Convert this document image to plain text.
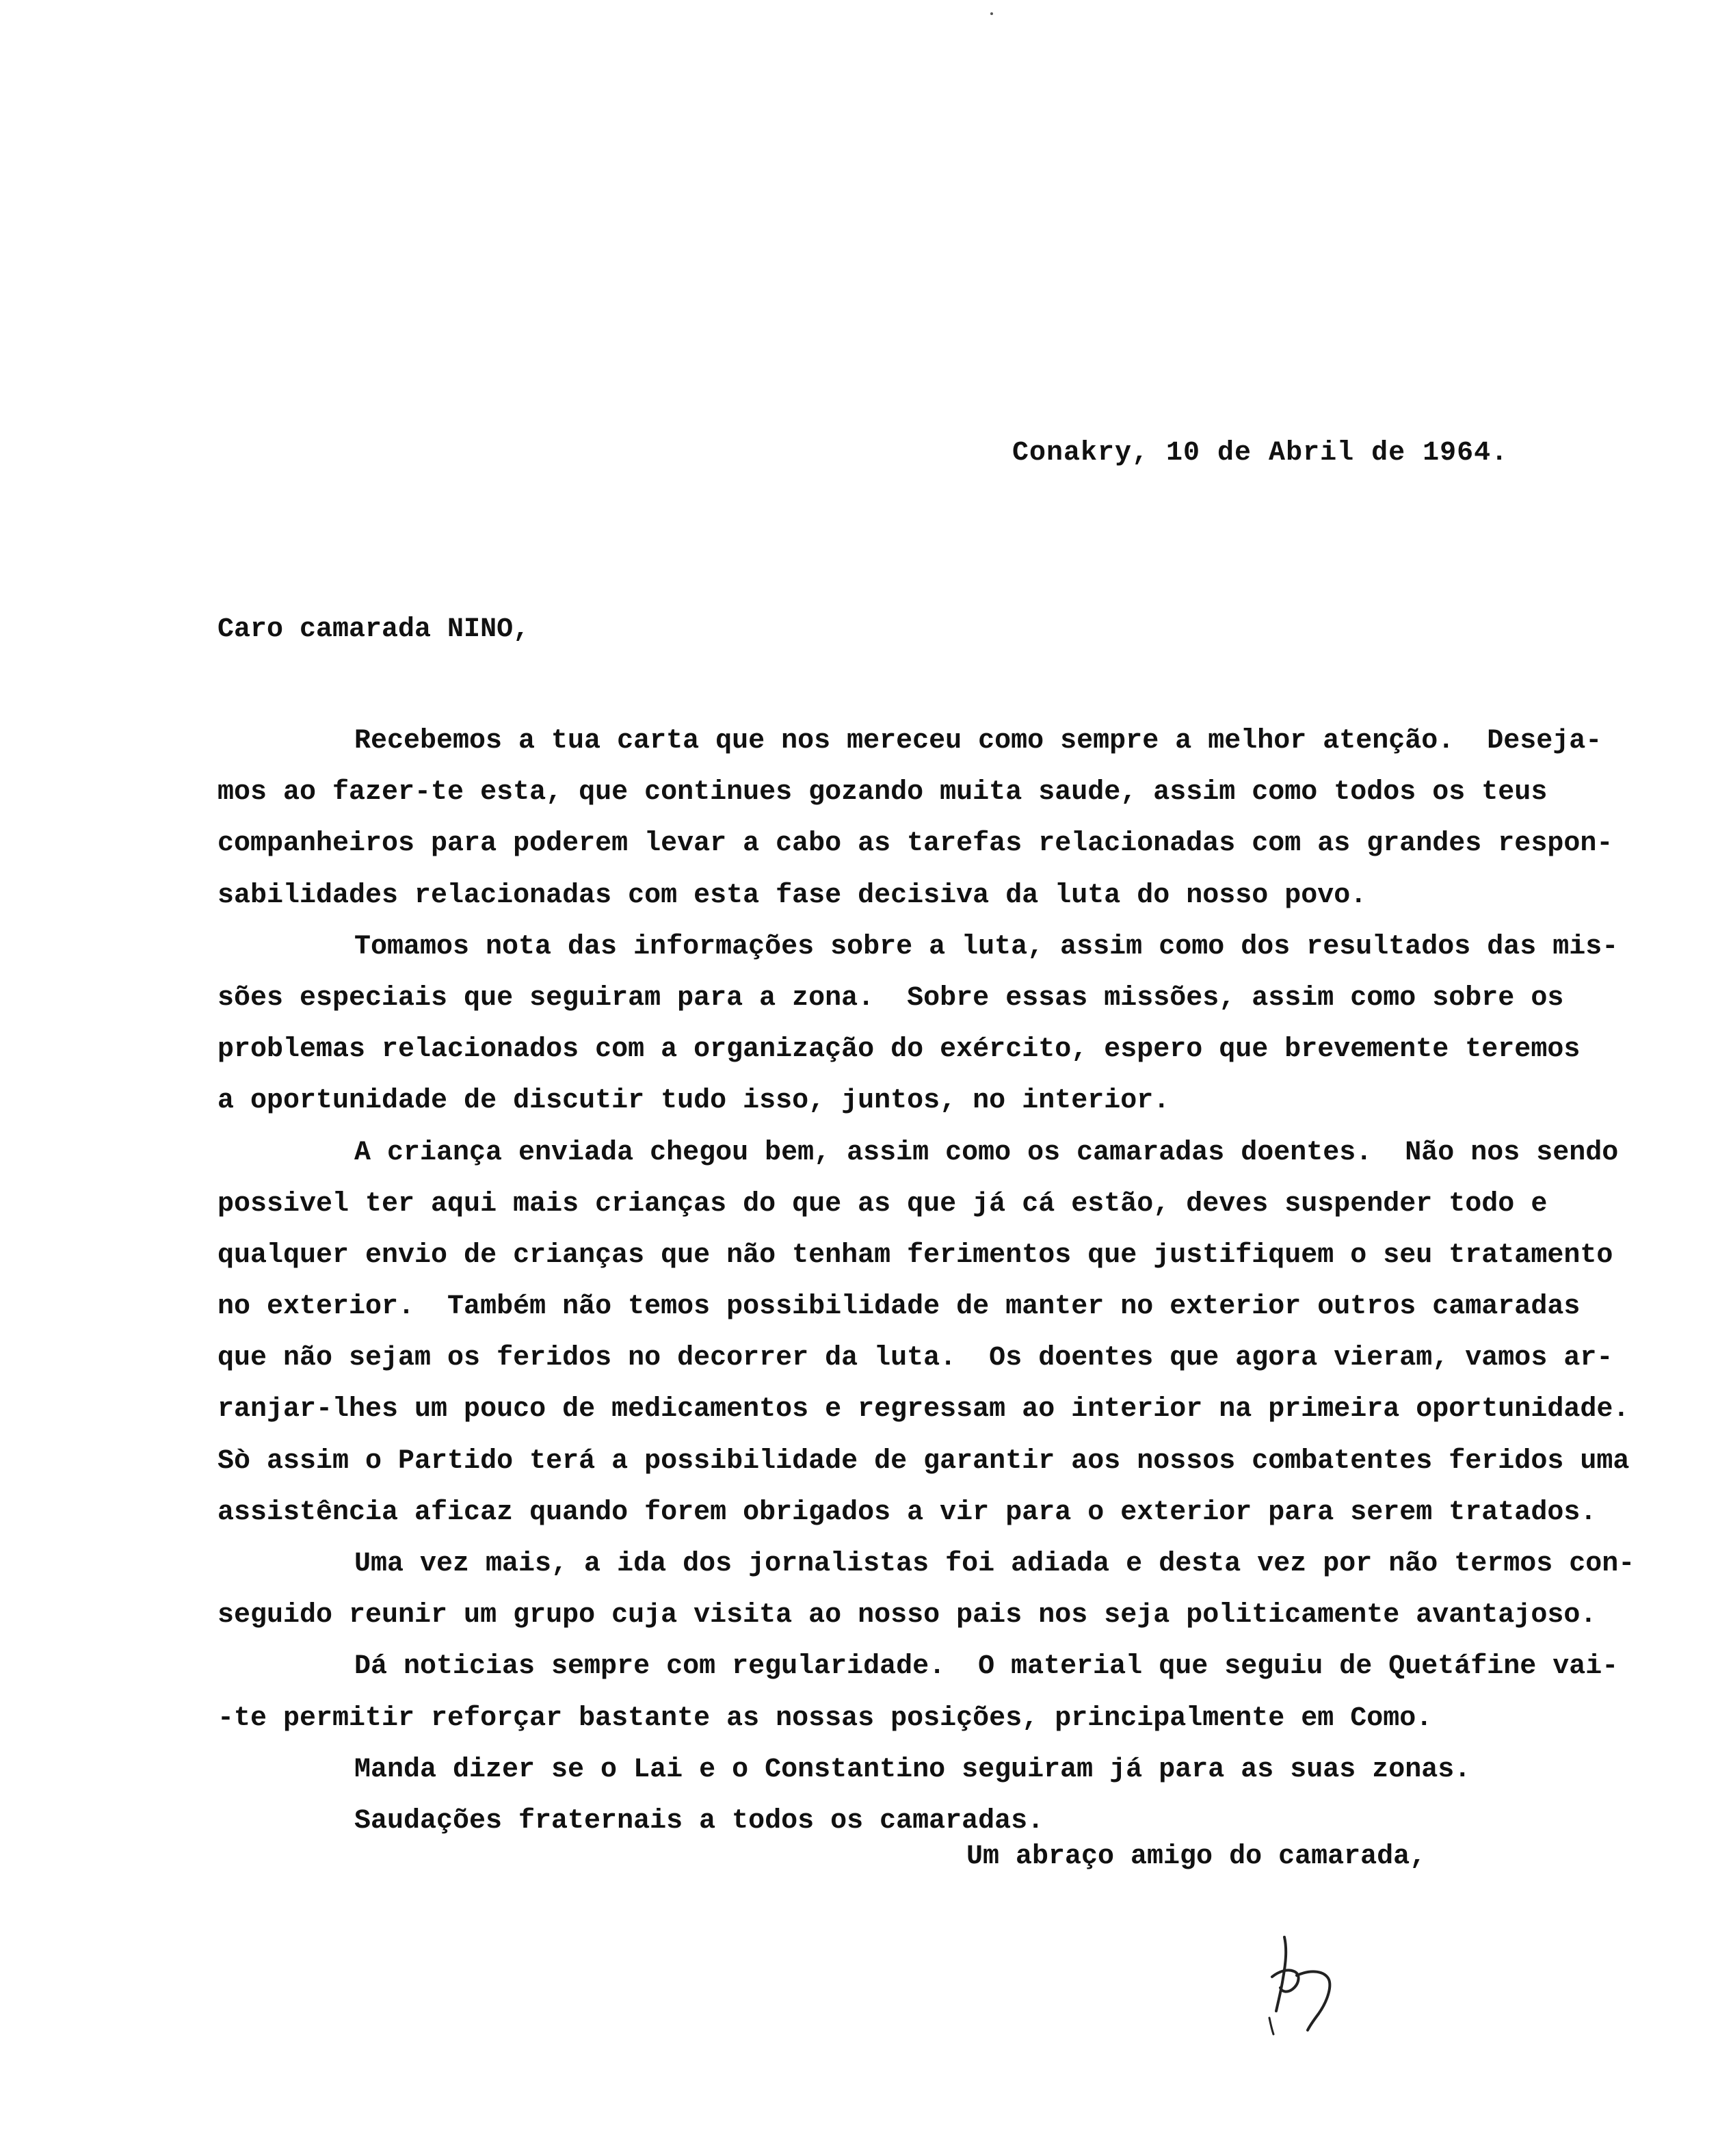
Conakry, 10 de Abril de 1964.
Caro camarada NINO,
Recebemos a tua carta que nos mereceu como sempre a melhor atenção.  Deseja-
mos ao fazer-te esta, que continues gozando muita saude, assim como todos os teus
companheiros para poderem levar a cabo as tarefas relacionadas com as grandes respon-
sabilidades relacionadas com esta fase decisiva da luta do nosso povo.
Tomamos nota das informações sobre a luta, assim como dos resultados das mis-
sões especiais que seguiram para a zona.  Sobre essas missões, assim como sobre os
problemas relacionados com a organização do exército, espero que brevemente teremos
a oportunidade de discutir tudo isso, juntos, no interior.
A criança enviada chegou bem, assim como os camaradas doentes.  Não nos sendo
possivel ter aqui mais crianças do que as que já cá estão, deves suspender todo e
qualquer envio de crianças que não tenham ferimentos que justifiquem o seu tratamento
no exterior.  Também não temos possibilidade de manter no exterior outros camaradas
que não sejam os feridos no decorrer da luta.  Os doentes que agora vieram, vamos ar-
ranjar-lhes um pouco de medicamentos e regressam ao interior na primeira oportunidade.
Sò assim o Partido terá a possibilidade de garantir aos nossos combatentes feridos uma
assistência aficaz quando forem obrigados a vir para o exterior para serem tratados.
Uma vez mais, a ida dos jornalistas foi adiada e desta vez por não termos con-
seguido reunir um grupo cuja visita ao nosso pais nos seja politicamente avantajoso.
Dá noticias sempre com regularidade.  O material que seguiu de Quetáfine vai-
-te permitir reforçar bastante as nossas posições, principalmente em Como.
Manda dizer se o Lai e o Constantino seguiram já para as suas zonas.
Saudações fraternais a todos os camaradas.
Um abraço amigo do camarada,
